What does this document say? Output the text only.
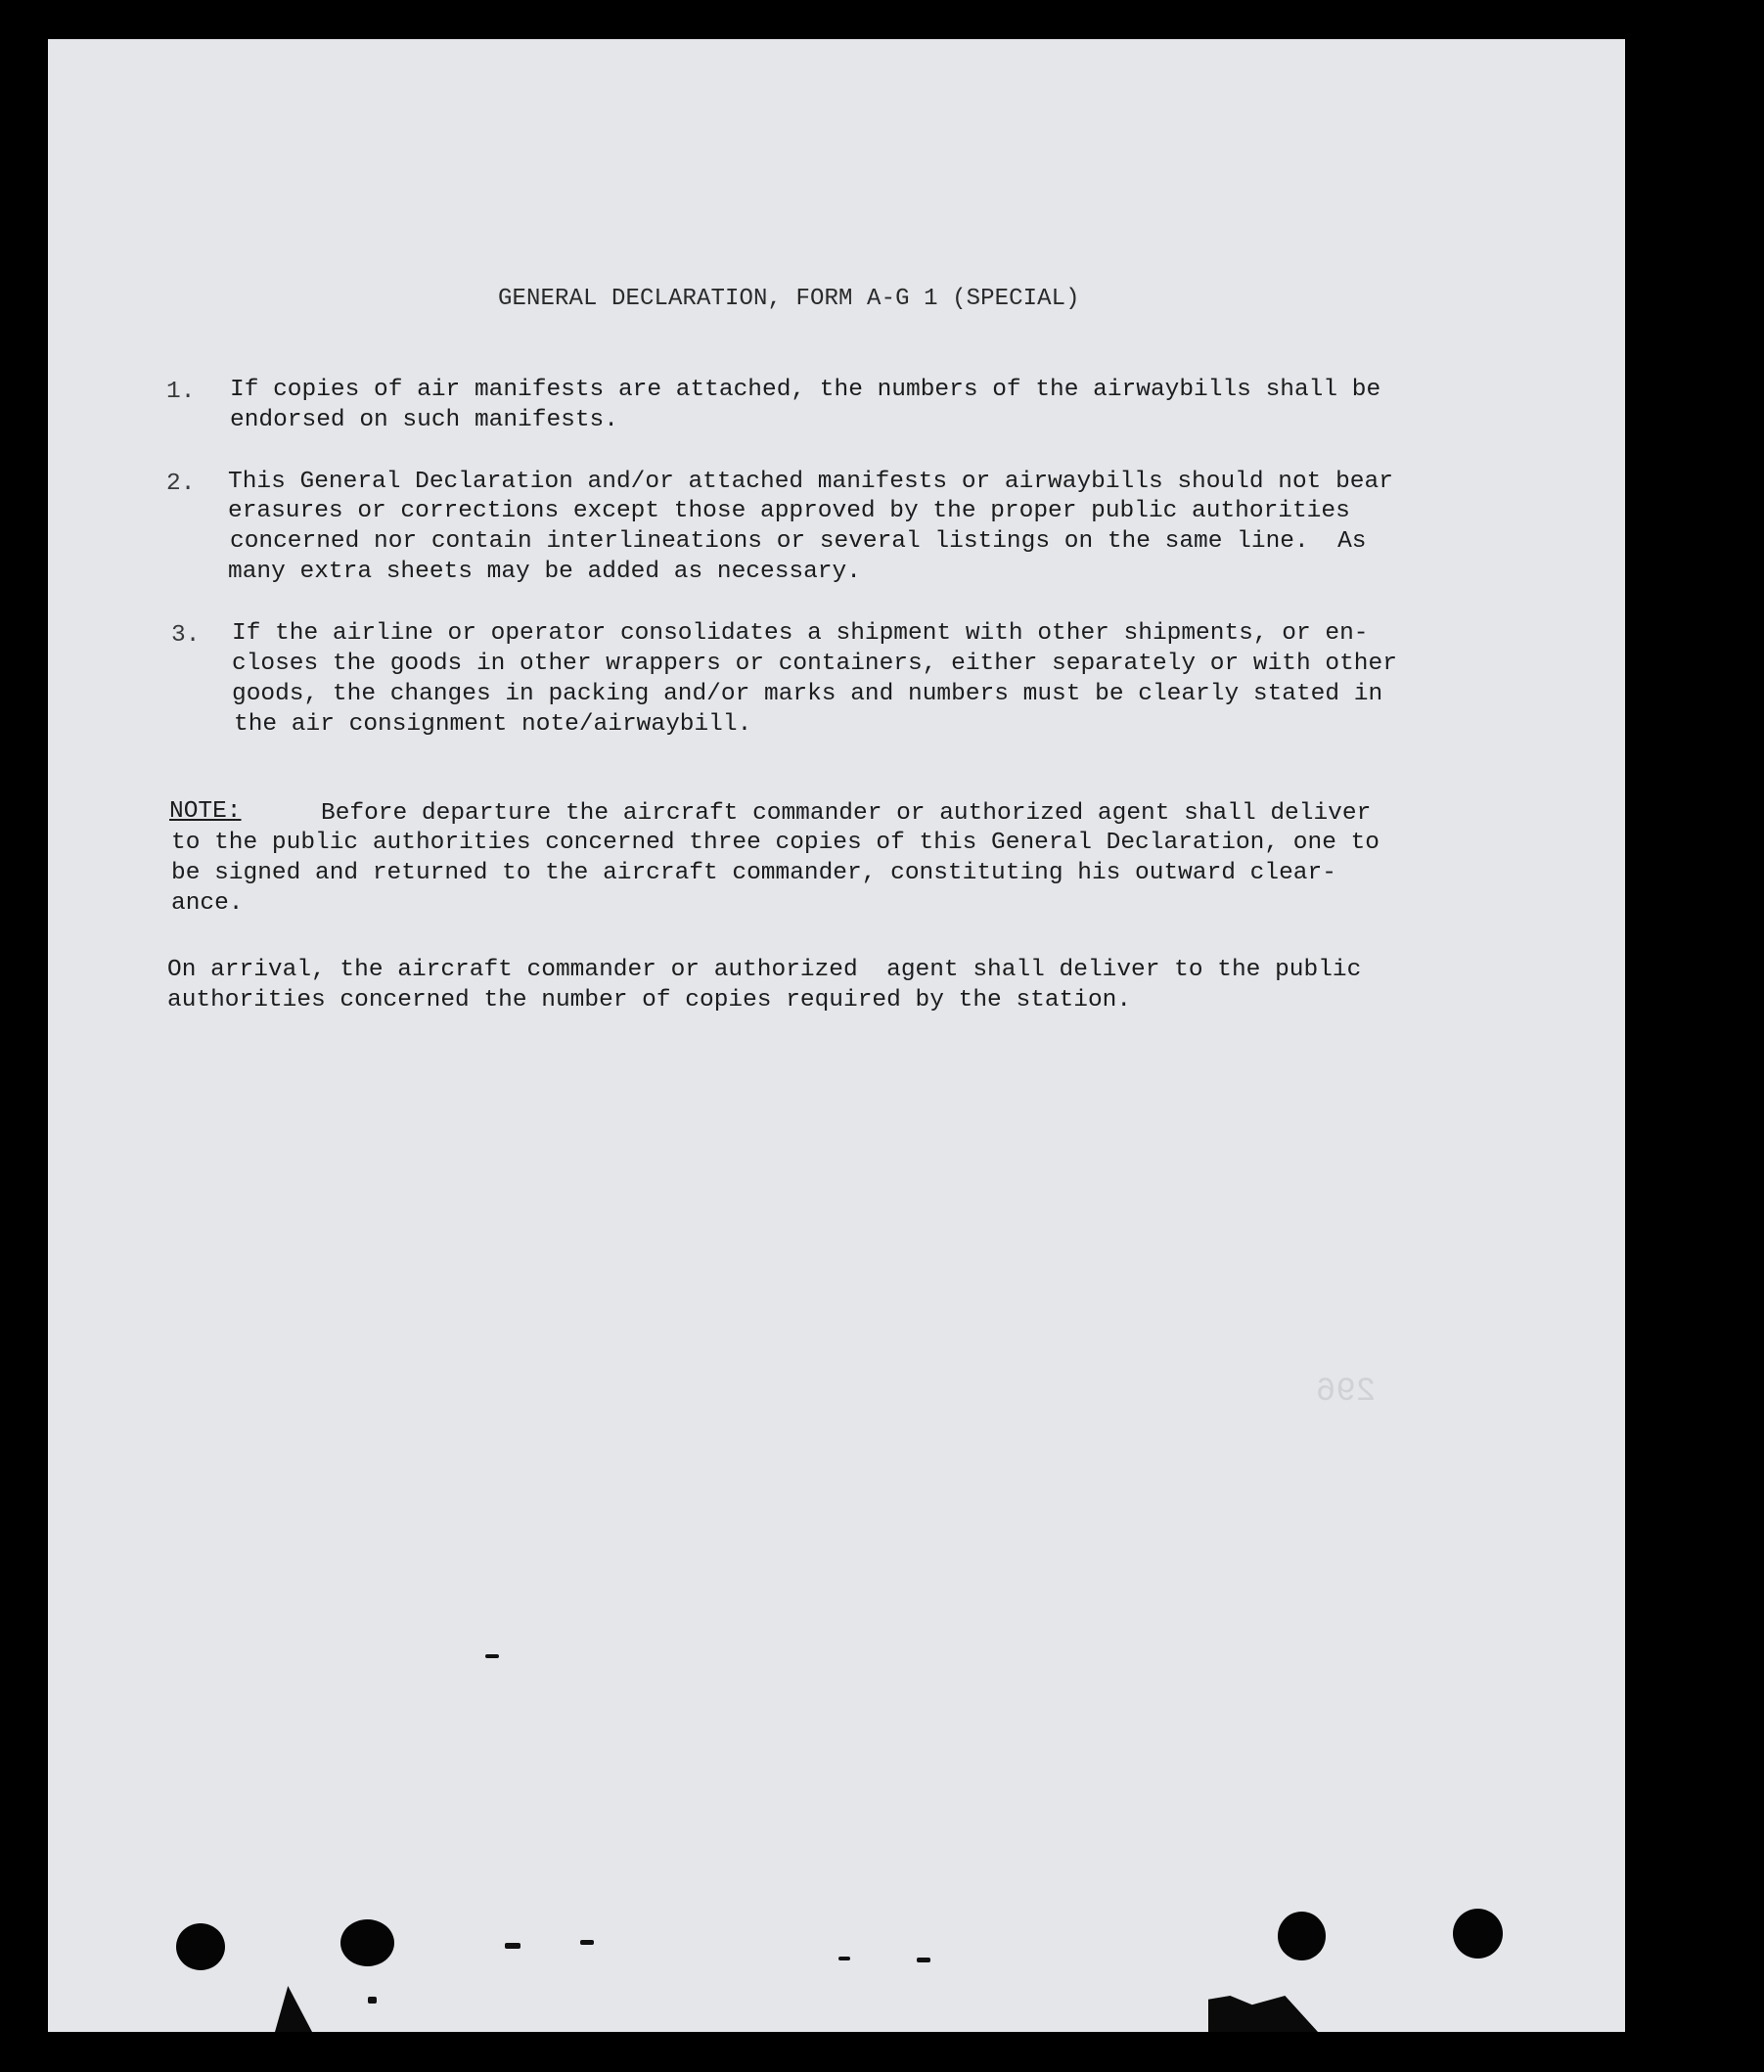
GENERAL DECLARATION, FORM A-G 1 (SPECIAL)
1. If copies of air manifests are attached, the numbers of the airwaybills shall be
endorsed on such manifests.
2. This General Declaration and/or attached manifests or airwaybills should not bear
erasures or corrections except those approved by the proper public authorities
concerned nor contain interlineations or several listings on the same line.  As
many extra sheets may be added as necessary.
3. If the airline or operator consolidates a shipment with other shipments, or en-
closes the goods in other wrappers or containers, either separately or with other
goods, the changes in packing and/or marks and numbers must be clearly stated in
the air consignment note/airwaybill.
NOTE:	Before departure the aircraft commander or authorized agent shall deliver
to the public authorities concerned three copies of this General Declaration, one to
be signed and returned to the aircraft commander, constituting his outward clear-
ance.
On arrival, the aircraft commander or authorized  agent shall deliver to the public
authorities concerned the number of copies required by the station.
296
